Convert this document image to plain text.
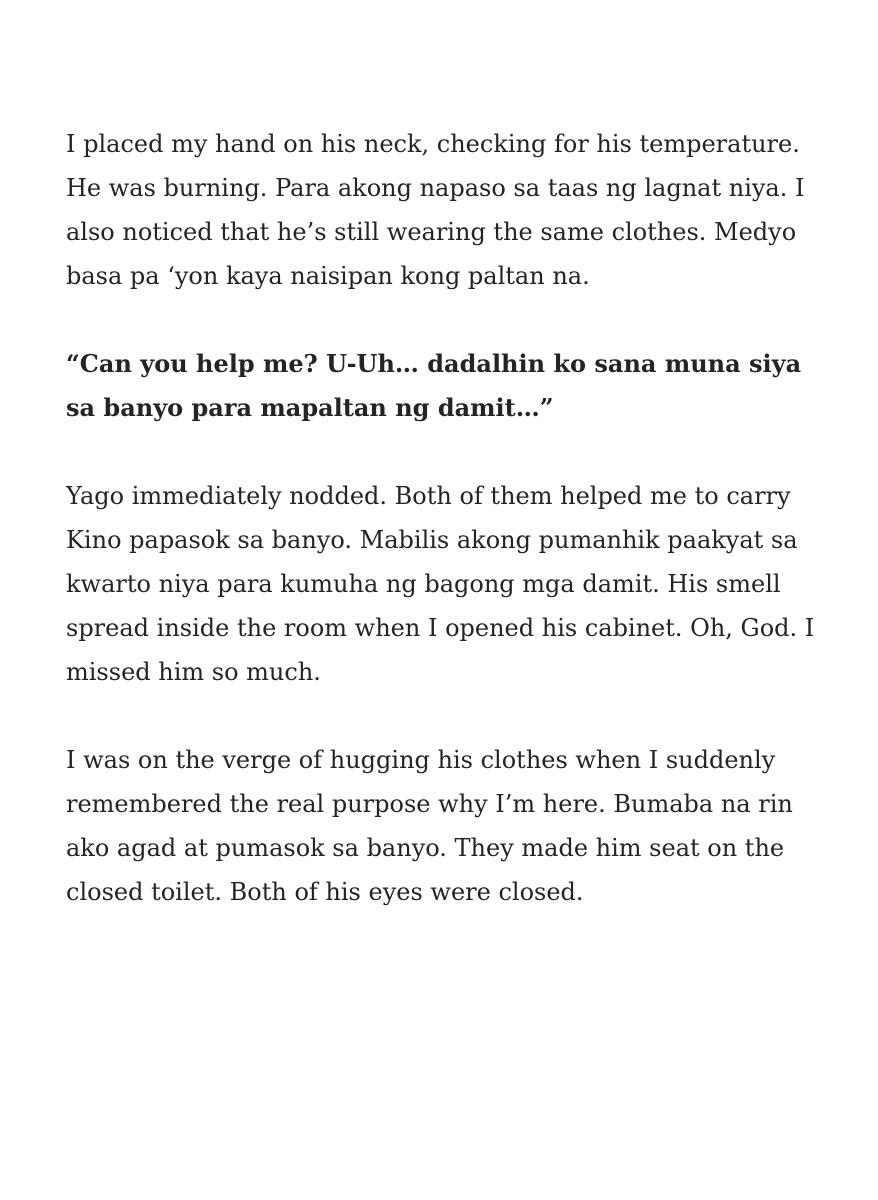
I placed my hand on his neck, checking for his temperature. He was burning. Para akong napaso sa taas ng lagnat niya. I also noticed that he’s still wearing the same clothes. Medyo basa pa ‘yon kaya naisipan kong paltan na.

“Can you help me? U-Uh… dadalhin ko sana muna siya sa banyo para mapaltan ng damit…”

Yago immediately nodded. Both of them helped me to carry Kino papasok sa banyo. Mabilis akong pumanhik paakyat sa kwarto niya para kumuha ng bagong mga damit. His smell spread inside the room when I opened his cabinet. Oh, God. I missed him so much.

I was on the verge of hugging his clothes when I suddenly remembered the real purpose why I’m here. Bumaba na rin ako agad at pumasok sa banyo. They made him seat on the closed toilet. Both of his eyes were closed.
